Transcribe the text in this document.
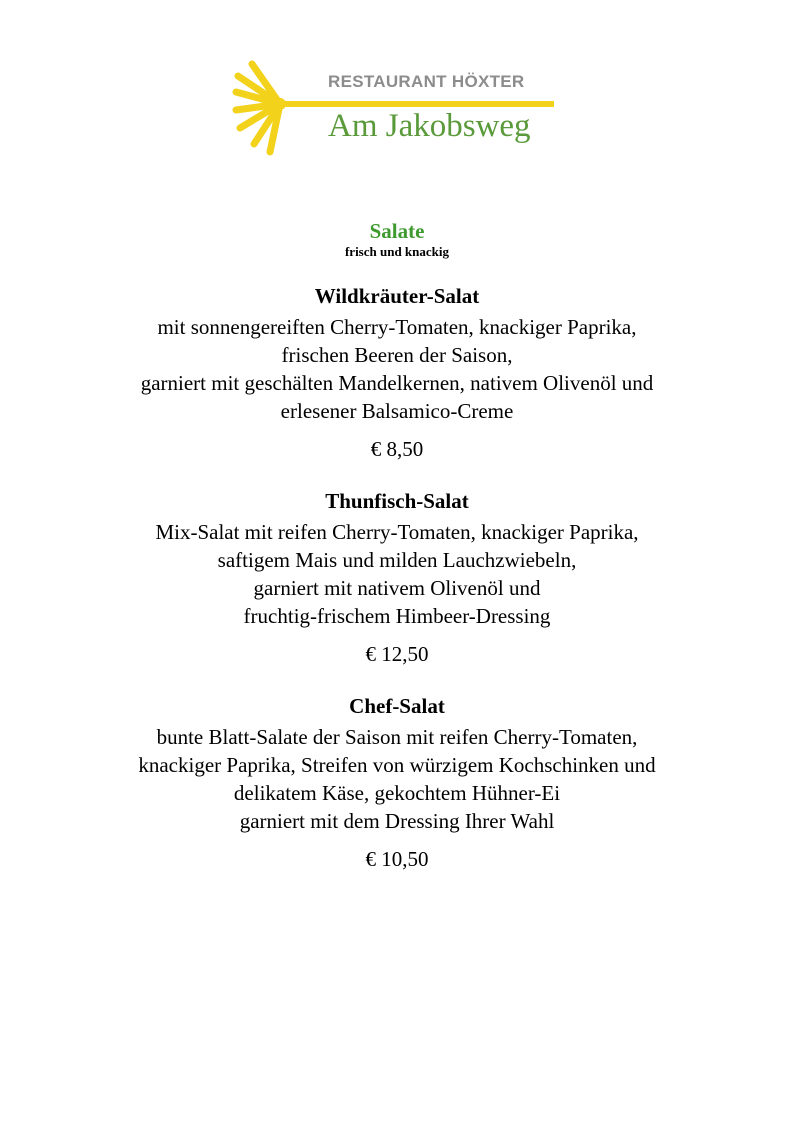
RESTAURANT HÖXTER
Am Jakobsweg
Salate
frisch und knackig
Wildkräuter-Salat
mit sonnengereiften Cherry-Tomaten, knackiger Paprika,
frischen Beeren der Saison,
garniert mit geschälten Mandelkernen, nativem Olivenöl und
erlesener Balsamico-Creme
€ 8,50
Thunfisch-Salat
Mix-Salat mit reifen Cherry-Tomaten, knackiger Paprika,
saftigem Mais und milden Lauchzwiebeln,
garniert mit nativem Olivenöl und
fruchtig-frischem Himbeer-Dressing
€ 12,50
Chef-Salat
bunte Blatt-Salate der Saison mit reifen Cherry-Tomaten,
knackiger Paprika, Streifen von würzigem Kochschinken und
delikatem Käse, gekochtem Hühner-Ei
garniert mit dem Dressing Ihrer Wahl
€ 10,50
